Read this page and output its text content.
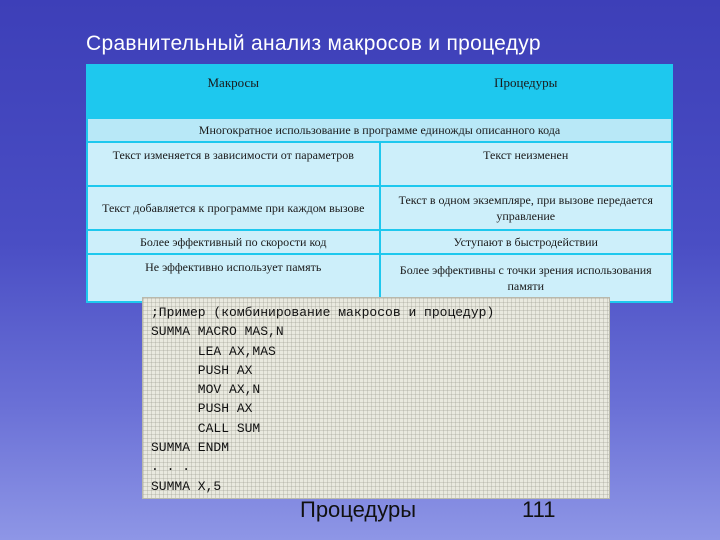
Сравнительный анализ макросов и процедур
Макросы	Процедуры
Многократное использование в программе единожды описанного кода	
Текст изменяется в зависимости от параметров	Текст неизменен
Текст добавляется к программе при каждом вызове	Текст в одном экземпляре, при вызове передается управление
Более эффективный по скорости код	Уступают в быстродействии
Не эффективно использует память	Более эффективны с точки зрения использования памяти
;Пример (комбинирование макросов и процедур)
SUMMA MACRO MAS,N
LEA AX,MAS
PUSH AX
MOV AX,N
PUSH AX
CALL SUM
SUMMA ENDM
. . .
SUMMA X,5
Процедуры	111
